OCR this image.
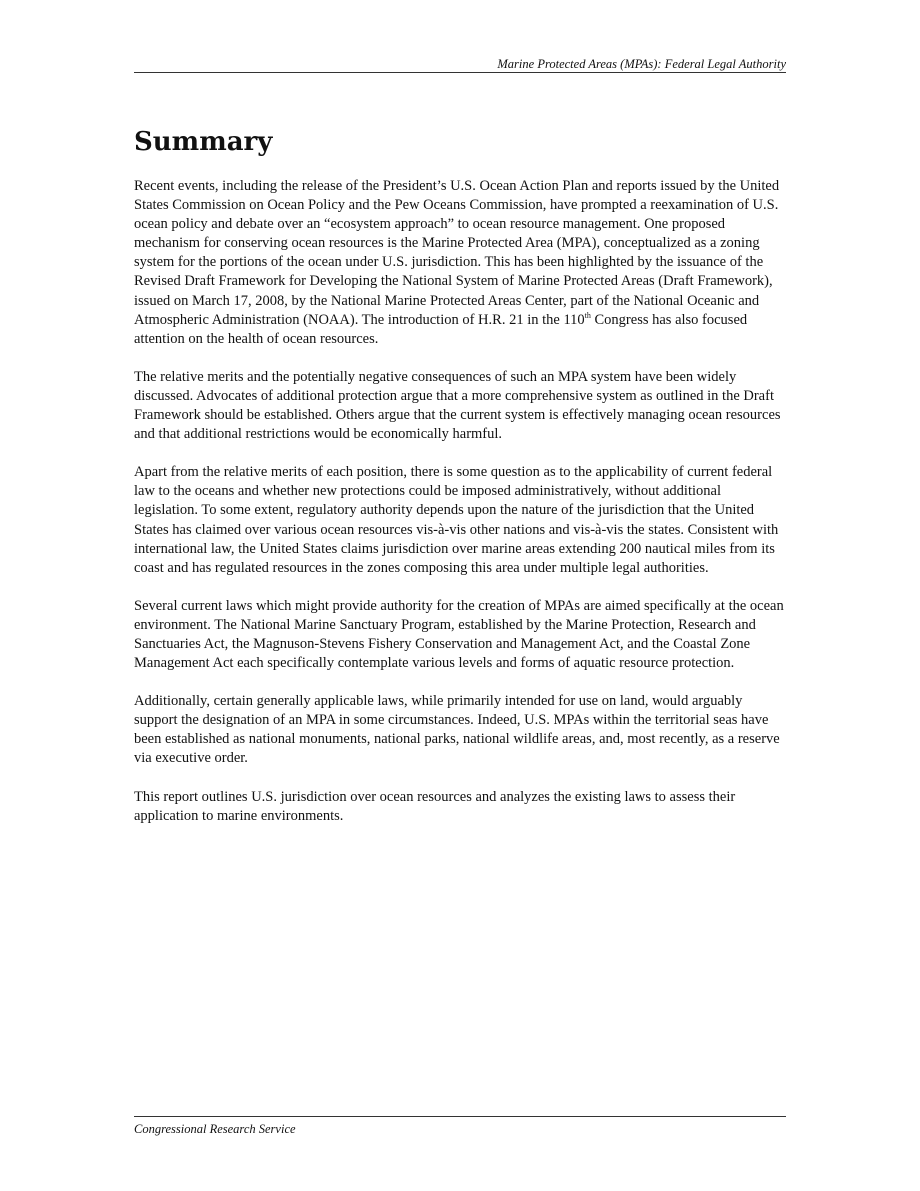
Marine Protected Areas (MPAs): Federal Legal Authority
Summary

Recent events, including the release of the President’s U.S. Ocean Action Plan and reports issued by the United States Commission on Ocean Policy and the Pew Oceans Commission, have prompted a reexamination of U.S. ocean policy and debate over an “ecosystem approach” to ocean resource management. One proposed mechanism for conserving ocean resources is the Marine Protected Area (MPA), conceptualized as a zoning system for the portions of the ocean under U.S. jurisdiction. This has been highlighted by the issuance of the Revised Draft Framework for Developing the National System of Marine Protected Areas (Draft Framework), issued on March 17, 2008, by the National Marine Protected Areas Center, part of the National Oceanic and Atmospheric Administration (NOAA). The introduction of H.R. 21 in the 110th Congress has also focused attention on the health of ocean resources.

The relative merits and the potentially negative consequences of such an MPA system have been widely discussed. Advocates of additional protection argue that a more comprehensive system as outlined in the Draft Framework should be established. Others argue that the current system is effectively managing ocean resources and that additional restrictions would be economically harmful.

Apart from the relative merits of each position, there is some question as to the applicability of current federal law to the oceans and whether new protections could be imposed administratively, without additional legislation. To some extent, regulatory authority depends upon the nature of the jurisdiction that the United States has claimed over various ocean resources vis-à-vis other nations and vis-à-vis the states. Consistent with international law, the United States claims jurisdiction over marine areas extending 200 nautical miles from its coast and has regulated resources in the zones composing this area under multiple legal authorities.

Several current laws which might provide authority for the creation of MPAs are aimed specifically at the ocean environment. The National Marine Sanctuary Program, established by the Marine Protection, Research and Sanctuaries Act, the Magnuson-Stevens Fishery Conservation and Management Act, and the Coastal Zone Management Act each specifically contemplate various levels and forms of aquatic resource protection.

Additionally, certain generally applicable laws, while primarily intended for use on land, would arguably support the designation of an MPA in some circumstances. Indeed, U.S. MPAs within the territorial seas have been established as national monuments, national parks, national wildlife areas, and, most recently, as a reserve via executive order.

This report outlines U.S. jurisdiction over ocean resources and analyzes the existing laws to assess their application to marine environments.

Congressional Research Service
